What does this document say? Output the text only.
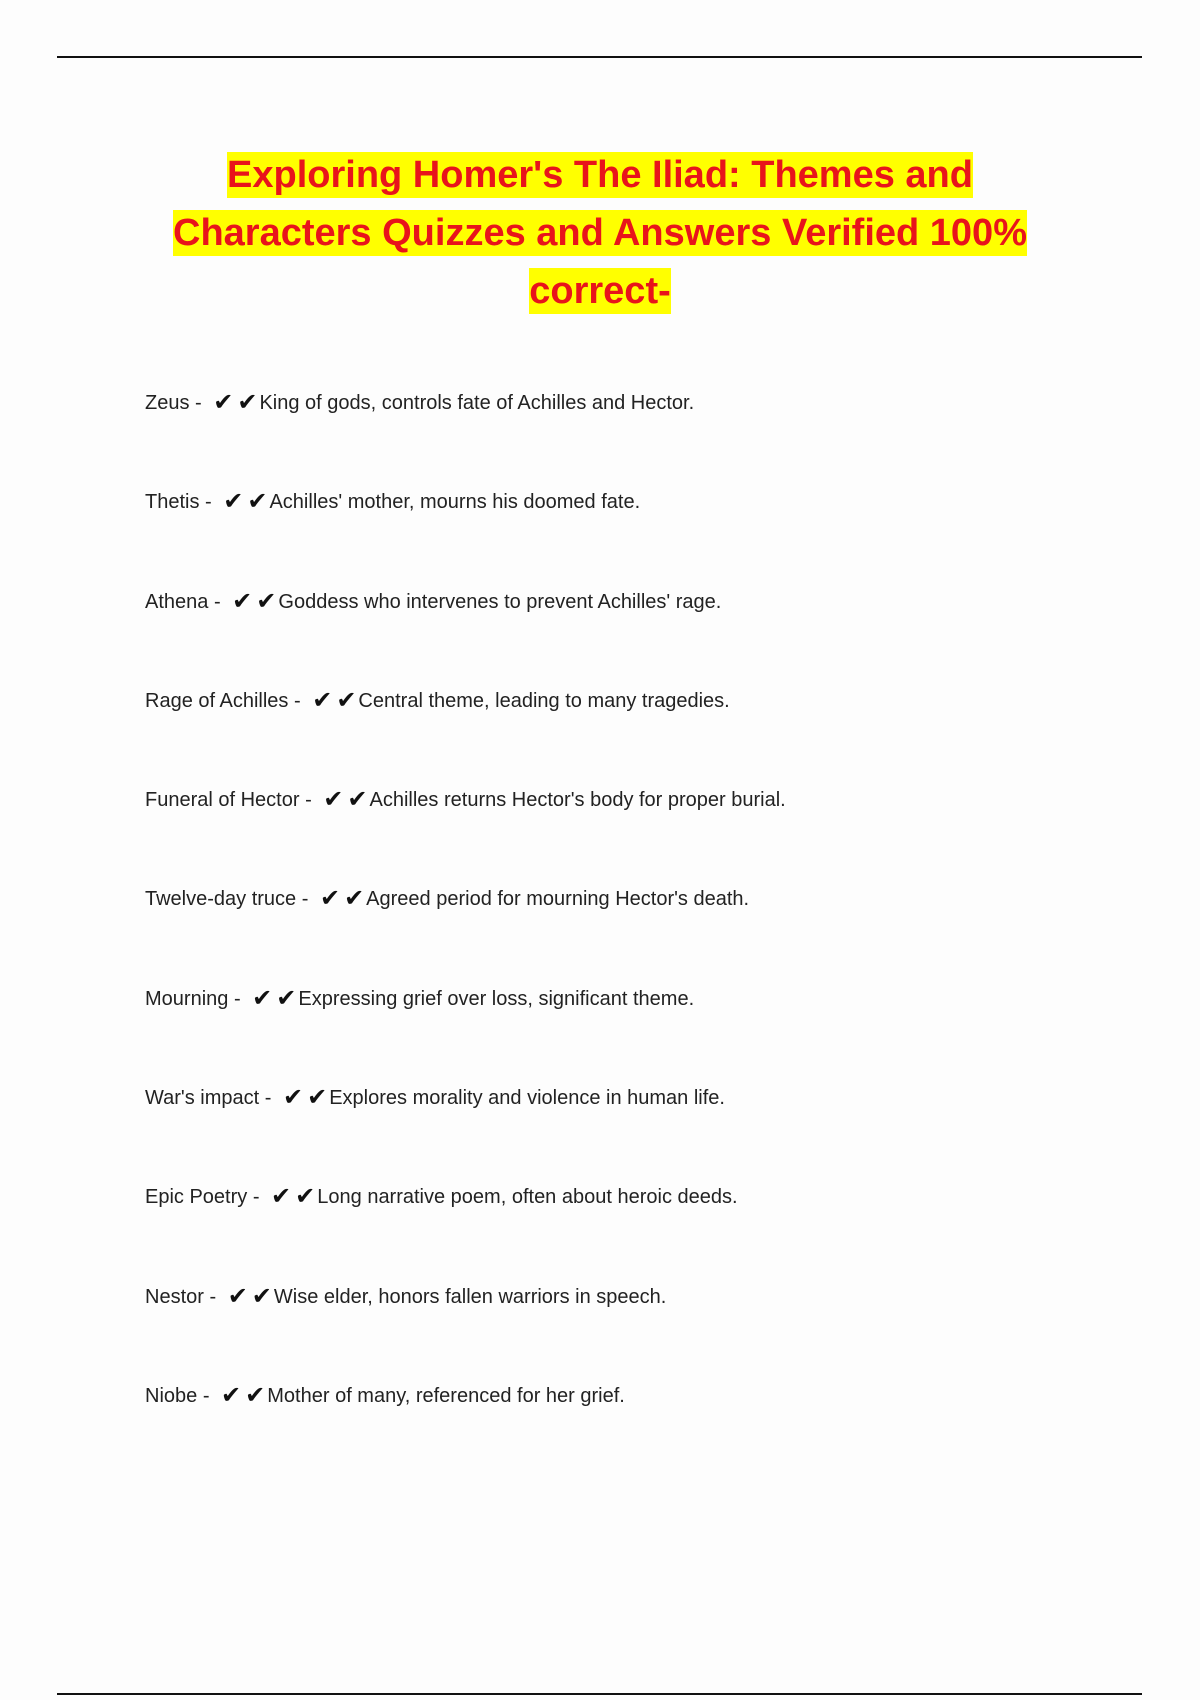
Exploring Homer's The Iliad: Themes and
Characters Quizzes and Answers Verified 100%
correct-
Zeus - ✔ ✔ King of gods, controls fate of Achilles and Hector.
Thetis - ✔ ✔ Achilles' mother, mourns his doomed fate.
Athena - ✔ ✔ Goddess who intervenes to prevent Achilles' rage.
Rage of Achilles - ✔ ✔ Central theme, leading to many tragedies.
Funeral of Hector - ✔ ✔ Achilles returns Hector's body for proper burial.
Twelve-day truce - ✔ ✔ Agreed period for mourning Hector's death.
Mourning - ✔ ✔ Expressing grief over loss, significant theme.
War's impact - ✔ ✔ Explores morality and violence in human life.
Epic Poetry - ✔ ✔ Long narrative poem, often about heroic deeds.
Nestor - ✔ ✔ Wise elder, honors fallen warriors in speech.
Niobe - ✔ ✔ Mother of many, referenced for her grief.
